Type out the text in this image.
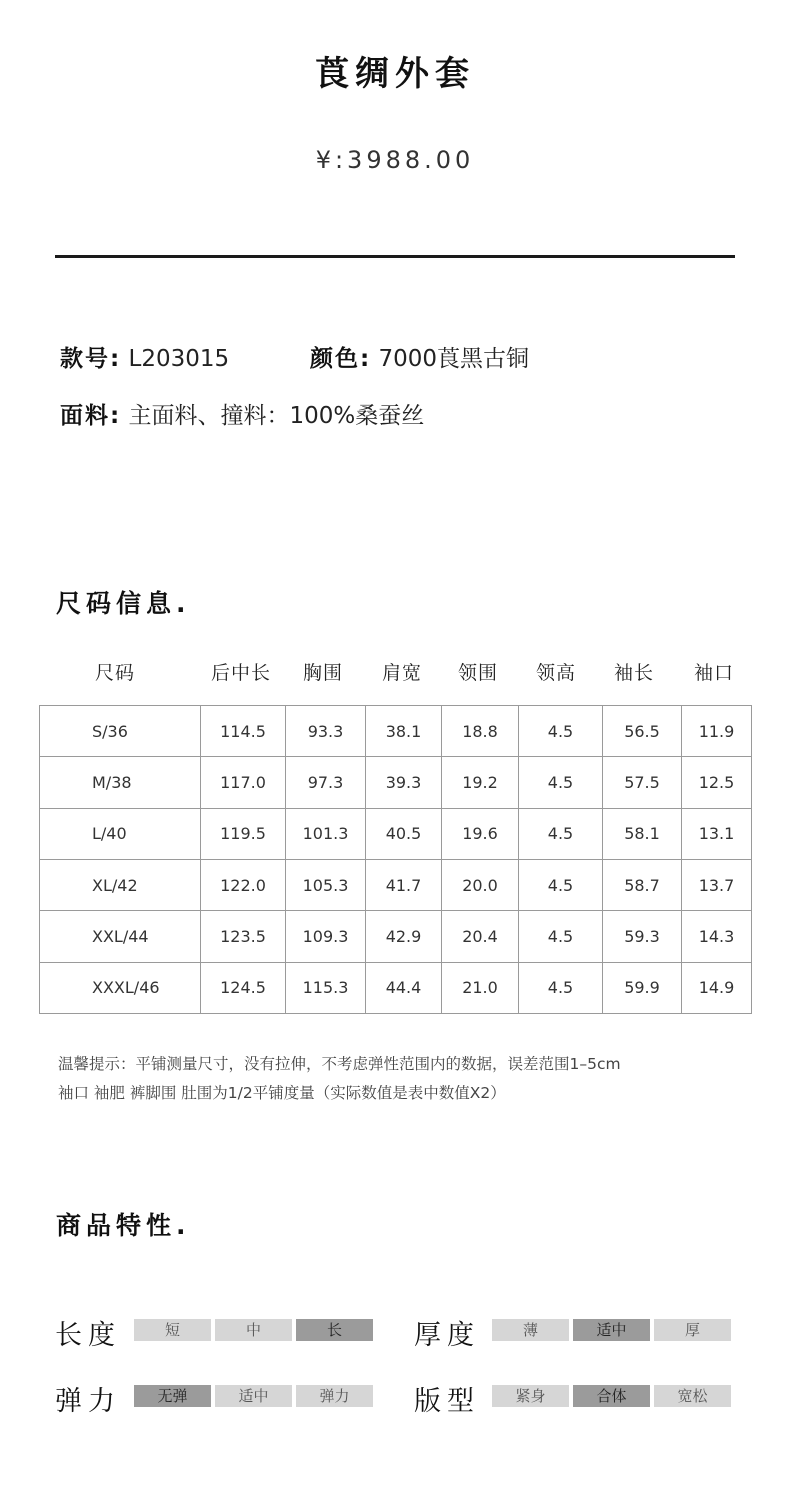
莨绸外套
¥:3988.00
款号: L203015	颜色: 7000莨黑古铜
面料: 主面料、撞料：100%桑蚕丝
尺码信息.
尺码	后中长	胸围	肩宽	领围	领高	袖长	袖口
S/36	114.5	93.3	38.1	18.8	4.5	56.5	11.9
M/38	117.0	97.3	39.3	19.2	4.5	57.5	12.5
L/40	119.5	101.3	40.5	19.6	4.5	58.1	13.1
XL/42	122.0	105.3	41.7	20.0	4.5	58.7	13.7
XXL/44	123.5	109.3	42.9	20.4	4.5	59.3	14.3
XXXL/46	124.5	115.3	44.4	21.0	4.5	59.9	14.9
温馨提示：平铺测量尺寸，没有拉伸，不考虑弹性范围内的数据，误差范围1–5cm
袖口 袖肥 裤脚围 肚围为1/2平铺度量（实际数值是表中数值X2）
商品特性.
长度	短	中	长	厚度	薄	适中	厚
弹力	无弹	适中	弹力	版型	紧身	合体	宽松
